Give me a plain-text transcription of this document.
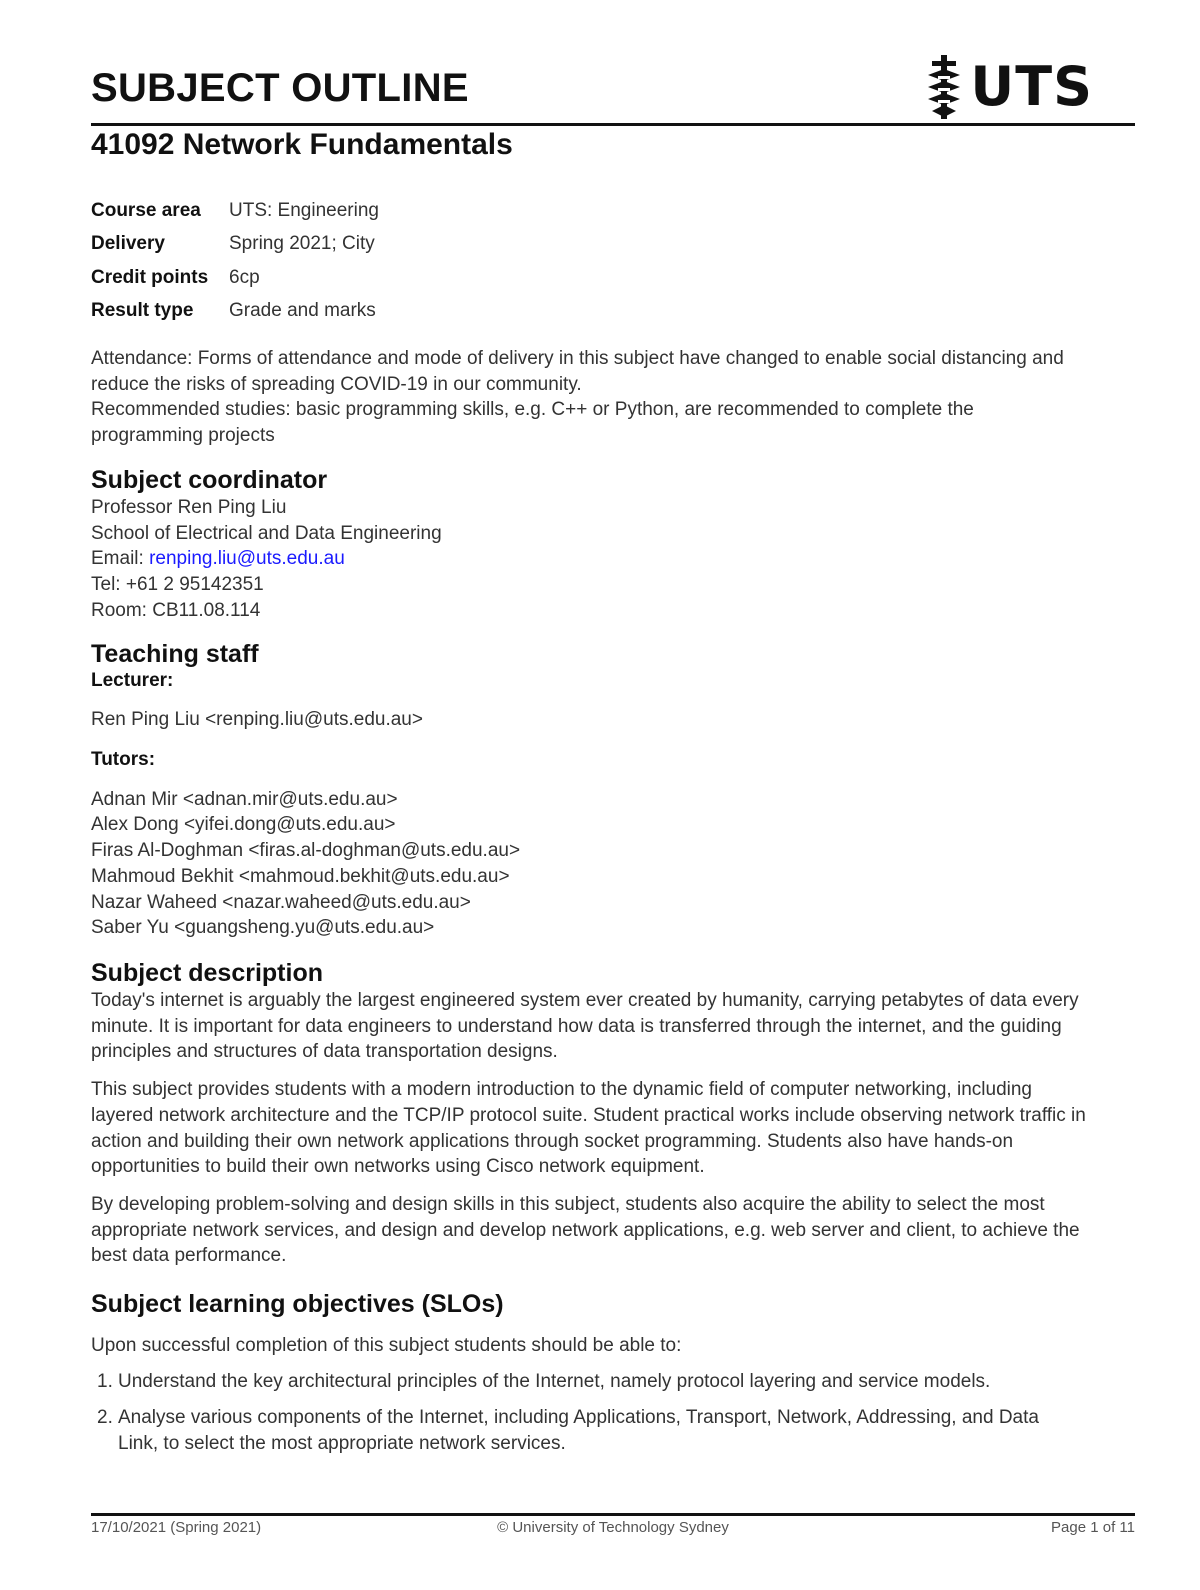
SUBJECT OUTLINE	UTS
41092 Network Fundamentals
Course area	UTS: Engineering
Delivery	Spring 2021; City
Credit points	6cp
Result type	Grade and marks
Attendance: Forms of attendance and mode of delivery in this subject have changed to enable social distancing and
reduce the risks of spreading COVID-19 in our community.
Recommended studies: basic programming skills, e.g. C++ or Python, are recommended to complete the
programming projects
Subject coordinator
Professor Ren Ping Liu
School of Electrical and Data Engineering
Email: renping.liu@uts.edu.au
Tel: +61 2 95142351
Room: CB11.08.114
Teaching staff
Lecturer:
Ren Ping Liu <renping.liu@uts.edu.au>
Tutors:
Adnan Mir <adnan.mir@uts.edu.au>
Alex Dong <yifei.dong@uts.edu.au>
Firas Al-Doghman <firas.al-doghman@uts.edu.au>
Mahmoud Bekhit <mahmoud.bekhit@uts.edu.au>
Nazar Waheed <nazar.waheed@uts.edu.au>
Saber Yu <guangsheng.yu@uts.edu.au>
Subject description
Today's internet is arguably the largest engineered system ever created by humanity, carrying petabytes of data every
minute. It is important for data engineers to understand how data is transferred through the internet, and the guiding
principles and structures of data transportation designs.
This subject provides students with a modern introduction to the dynamic field of computer networking, including
layered network architecture and the TCP/IP protocol suite. Student practical works include observing network traffic in
action and building their own network applications through socket programming. Students also have hands-on
opportunities to build their own networks using Cisco network equipment.
By developing problem-solving and design skills in this subject, students also acquire the ability to select the most
appropriate network services, and design and develop network applications, e.g. web server and client, to achieve the
best data performance.
Subject learning objectives (SLOs)
Upon successful completion of this subject students should be able to:
1. Understand the key architectural principles of the Internet, namely protocol layering and service models.
2. Analyse various components of the Internet, including Applications, Transport, Network, Addressing, and Data
Link, to select the most appropriate network services.
17/10/2021 (Spring 2021)	© University of Technology Sydney	Page 1 of 11
